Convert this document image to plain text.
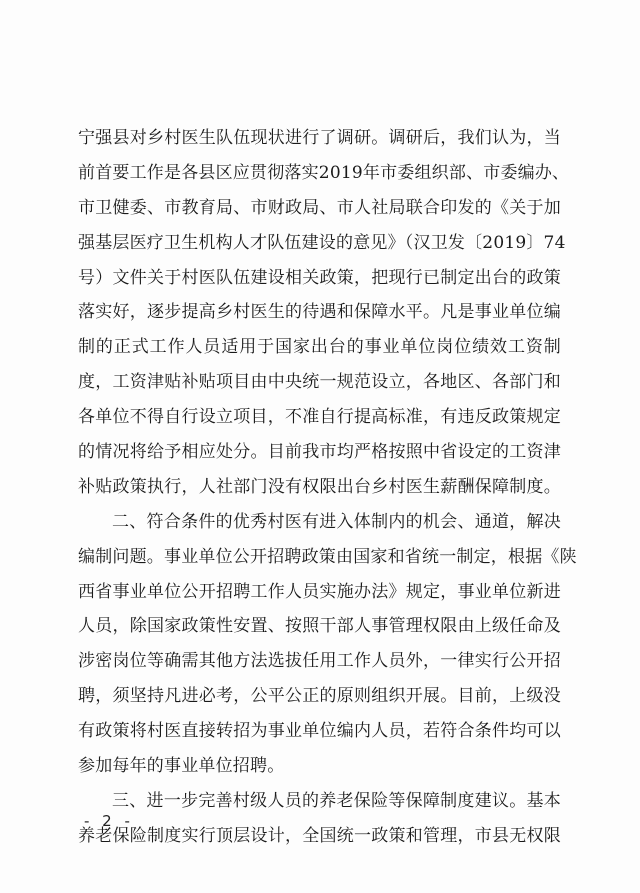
宁强县对乡村医生队伍现状进行了调研。调研后，我们认为，当
前首要工作是各县区应贯彻落实2019年市委组织部、市委编办、
市卫健委、市教育局、市财政局、市人社局联合印发的《关于加
强基层医疗卫生机构人才队伍建设的意见》（汉卫发〔2019〕74
号）文件关于村医队伍建设相关政策，把现行已制定出台的政策
落实好，逐步提高乡村医生的待遇和保障水平。凡是事业单位编
制的正式工作人员适用于国家出台的事业单位岗位绩效工资制
度，工资津贴补贴项目由中央统一规范设立，各地区、各部门和
各单位不得自行设立项目，不准自行提高标准，有违反政策规定
的情况将给予相应处分。目前我市均严格按照中省设定的工资津
补贴政策执行，人社部门没有权限出台乡村医生薪酬保障制度。
二、符合条件的优秀村医有进入体制内的机会、通道，解决
编制问题。事业单位公开招聘政策由国家和省统一制定，根据《陕
西省事业单位公开招聘工作人员实施办法》规定，事业单位新进
人员，除国家政策性安置、按照干部人事管理权限由上级任命及
涉密岗位等确需其他方法选拔任用工作人员外，一律实行公开招
聘，须坚持凡进必考，公平公正的原则组织开展。目前，上级没
有政策将村医直接转招为事业单位编内人员，若符合条件均可以
参加每年的事业单位招聘。
三、进一步完善村级人员的养老保险等保障制度建议。基本
养老保险制度实行顶层设计，全国统一政策和管理，市县无权限
- 2 -
